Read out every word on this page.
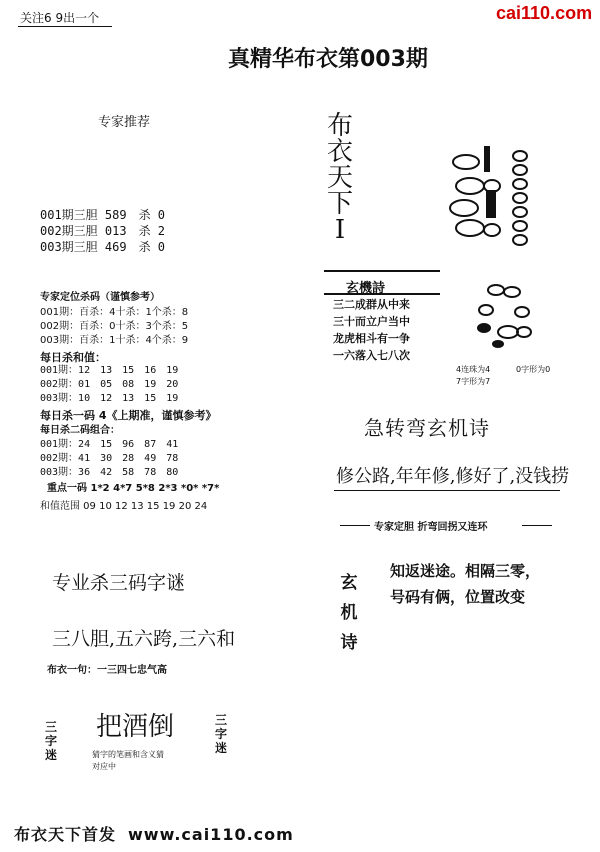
关注6 9出一个	cai110.com
真精华布衣第003期
专家推荐
001期三胆 589　杀 0
002期三胆 013　杀 2
003期三胆 469　杀 0
专家定位杀码（谨慎参考）
001期：百杀：4十杀：1个杀：8
002期：百杀：0十杀：3个杀：5
003期：百杀：1十杀：4个杀：9
每日杀和值：
001期：12　13　15　16　19
002期：01　05　08　19　20
003期：10　12　13　15　19
每日杀一码 4《上期准，谨慎参考》
每日杀二码组合：
001期：24　15　96　87　41
002期：41　30　28　49　78
003期：36　42　58　78　80
重点一码 1*2 4*7 5*8 2*3 *0* *7*
和值范围 09 10 12 13 15 19 20 24
专业杀三码字谜
三八胆,五六跨,三六和
布衣一句：一三四七忠气高
三
字
迷
把酒倒
猜字的笔画和含义猜
对应中
三
字
迷
布
衣
天
下
I
玄機詩
三二成群从中来
三十而立户当中
龙虎相斗有一争
一六落入七八次
4连珠为4	0字形为0
7字形为7
急转弯玄机诗
修公路,年年修,修好了,没钱捞
专家定胆 折弯回拐又连环
玄
机
诗
知返迷途。相隔三零，
号码有俩，位置改变
布衣天下首发 www.cai110.com
